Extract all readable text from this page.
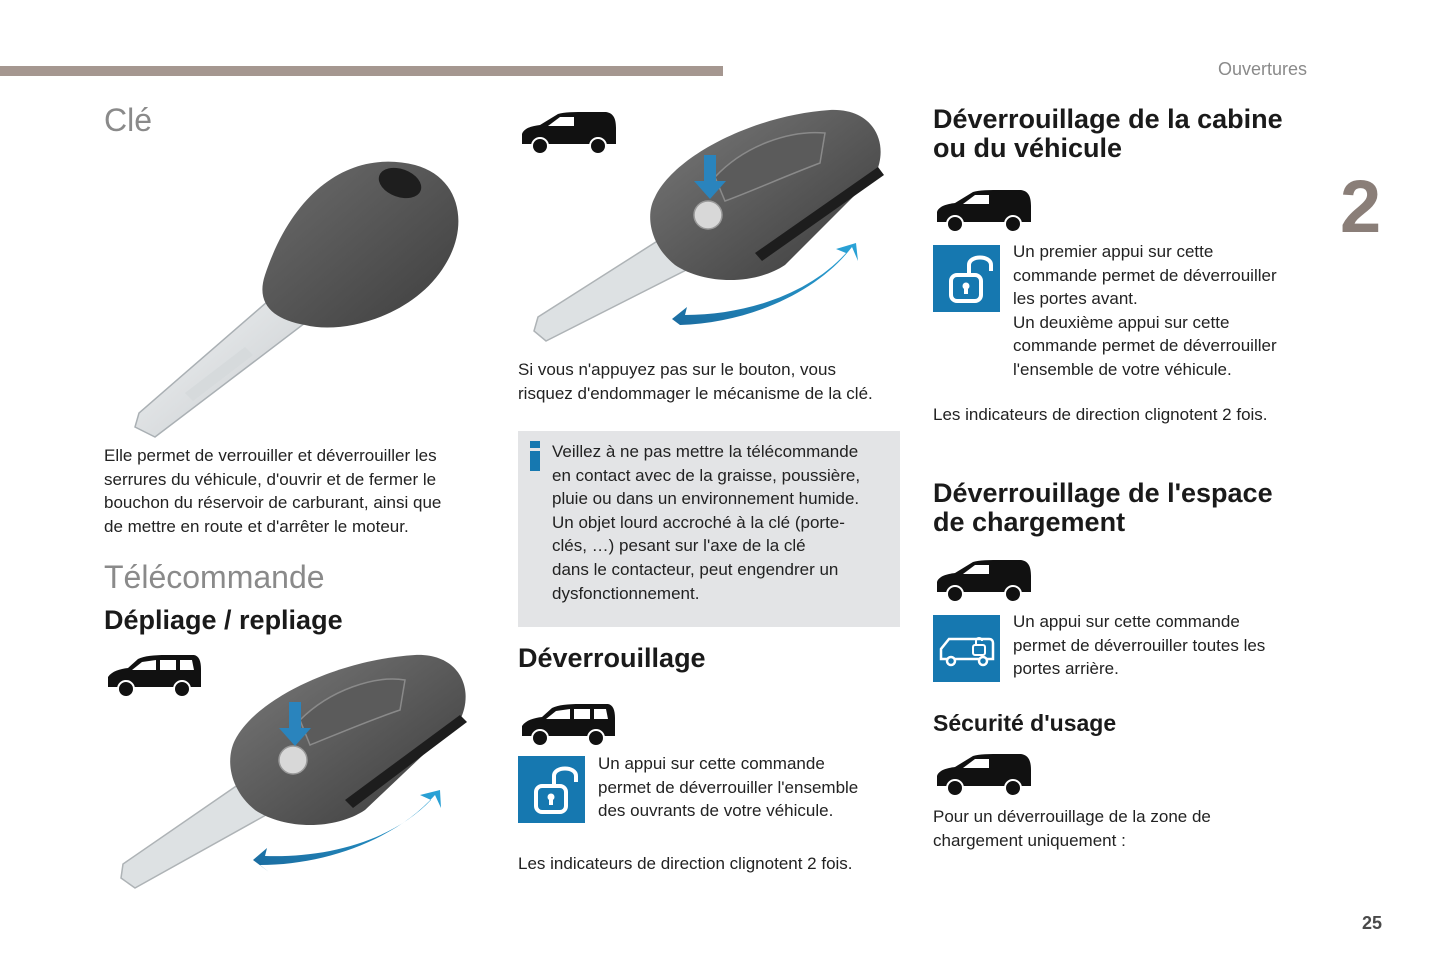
Ouvertures
2
25
Clé
Elle permet de verrouiller et déverrouiller les
serrures du véhicule, d'ouvrir et de fermer le
bouchon du réservoir de carburant, ainsi que
de mettre en route et d'arrêter le moteur.
Télécommande
Dépliage / repliage
Si vous n'appuyez pas sur le bouton, vous
risquez d'endommager le mécanisme de la clé.
Veillez à ne pas mettre la télécommande
en contact avec de la graisse, poussière,
pluie ou dans un environnement humide.
Un objet lourd accroché à la clé (porte-
clés, …) pesant sur l'axe de la clé
dans le contacteur, peut engendrer un
dysfonctionnement.
Déverrouillage
Un appui sur cette commande
permet de déverrouiller l'ensemble
des ouvrants de votre véhicule.
Les indicateurs de direction clignotent 2 fois.
Déverrouillage de la cabine
ou du véhicule
Un premier appui sur cette
commande permet de déverrouiller
les portes avant.
Un deuxième appui sur cette
commande permet de déverrouiller
l'ensemble de votre véhicule.
Les indicateurs de direction clignotent 2 fois.
Déverrouillage de l'espace
de chargement
Un appui sur cette commande
permet de déverrouiller toutes les
portes arrière.
Sécurité d'usage
Pour un déverrouillage de la zone de
chargement uniquement :
